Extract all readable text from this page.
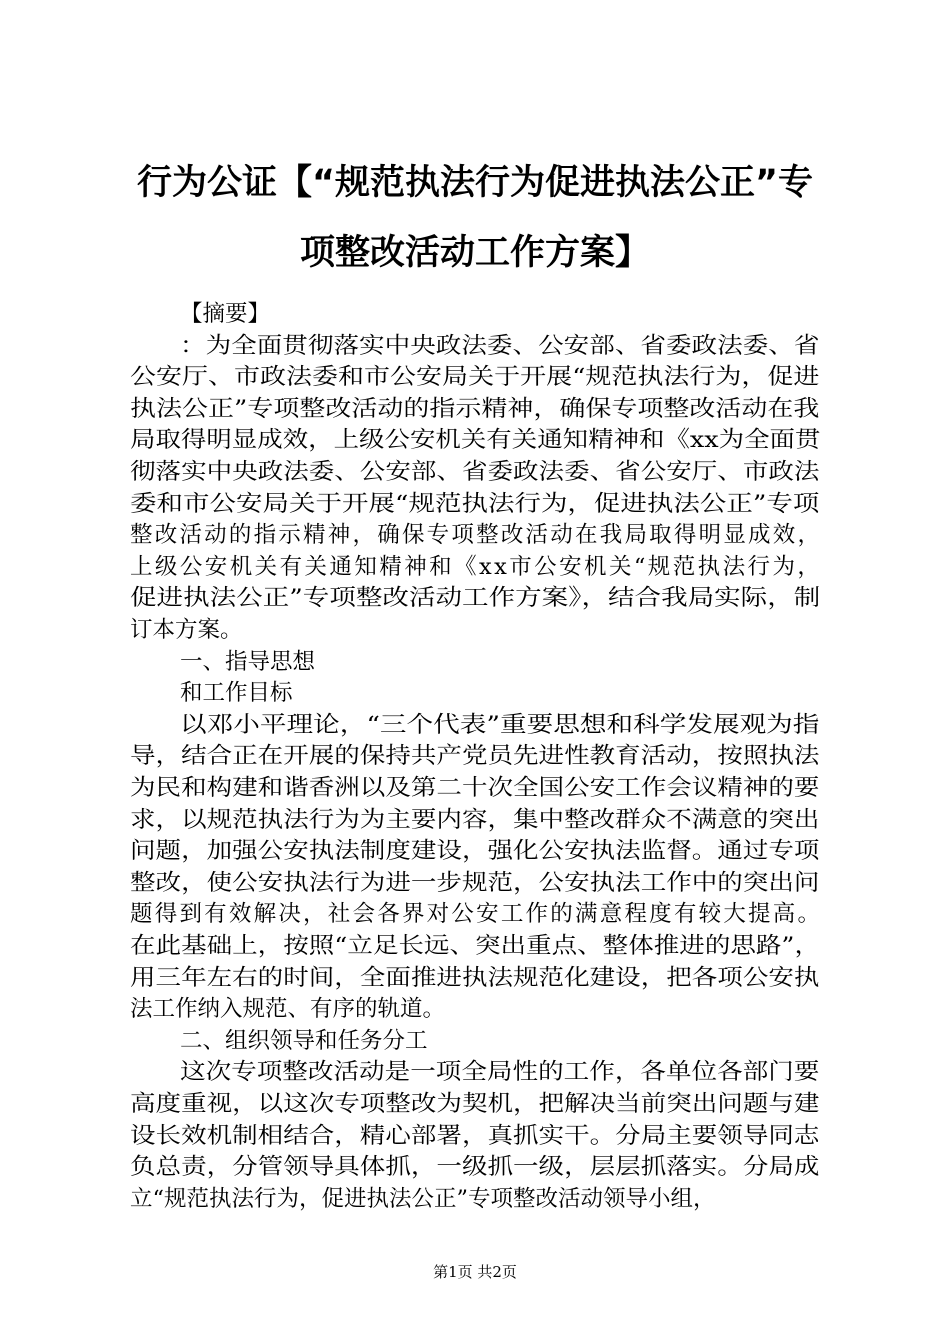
行为公证【“规范执法行为促进执法公正”专
项整改活动工作方案】

【摘要】

：为全面贯彻落实中央政法委、公安部、省委政法委、省

公安厅、市政法委和市公安局关于开展“规范执法行为，促进

执法公正”专项整改活动的指示精神，确保专项整改活动在我

局取得明显成效，上级公安机关有关通知精神和《xx为全面贯

彻落实中央政法委、公安部、省委政法委、省公安厅、市政法

委和市公安局关于开展“规范执法行为，促进执法公正”专项

整改活动的指示精神，确保专项整改活动在我局取得明显成效，

上级公安机关有关通知精神和《xx市公安机关“规范执法行为，

促进执法公正”专项整改活动工作方案》，结合我局实际，制

订本方案。

一、指导思想

和工作目标

以邓小平理论，“三个代表”重要思想和科学发展观为指

导，结合正在开展的保持共产党员先进性教育活动，按照执法

为民和构建和谐香洲以及第二十次全国公安工作会议精神的要

求，以规范执法行为为主要内容，集中整改群众不满意的突出

问题，加强公安执法制度建设，强化公安执法监督。通过专项

整改，使公安执法行为进一步规范，公安执法工作中的突出问

题得到有效解决，社会各界对公安工作的满意程度有较大提高。

在此基础上，按照“立足长远、突出重点、整体推进的思路”，

用三年左右的时间，全面推进执法规范化建设，把各项公安执

法工作纳入规范、有序的轨道。

二、组织领导和任务分工

这次专项整改活动是一项全局性的工作，各单位各部门要

高度重视，以这次专项整改为契机，把解决当前突出问题与建

设长效机制相结合，精心部署，真抓实干。分局主要领导同志

负总责，分管领导具体抓，一级抓一级，层层抓落实。分局成

立“规范执法行为，促进执法公正”专项整改活动领导小组，

第1页 共2页
